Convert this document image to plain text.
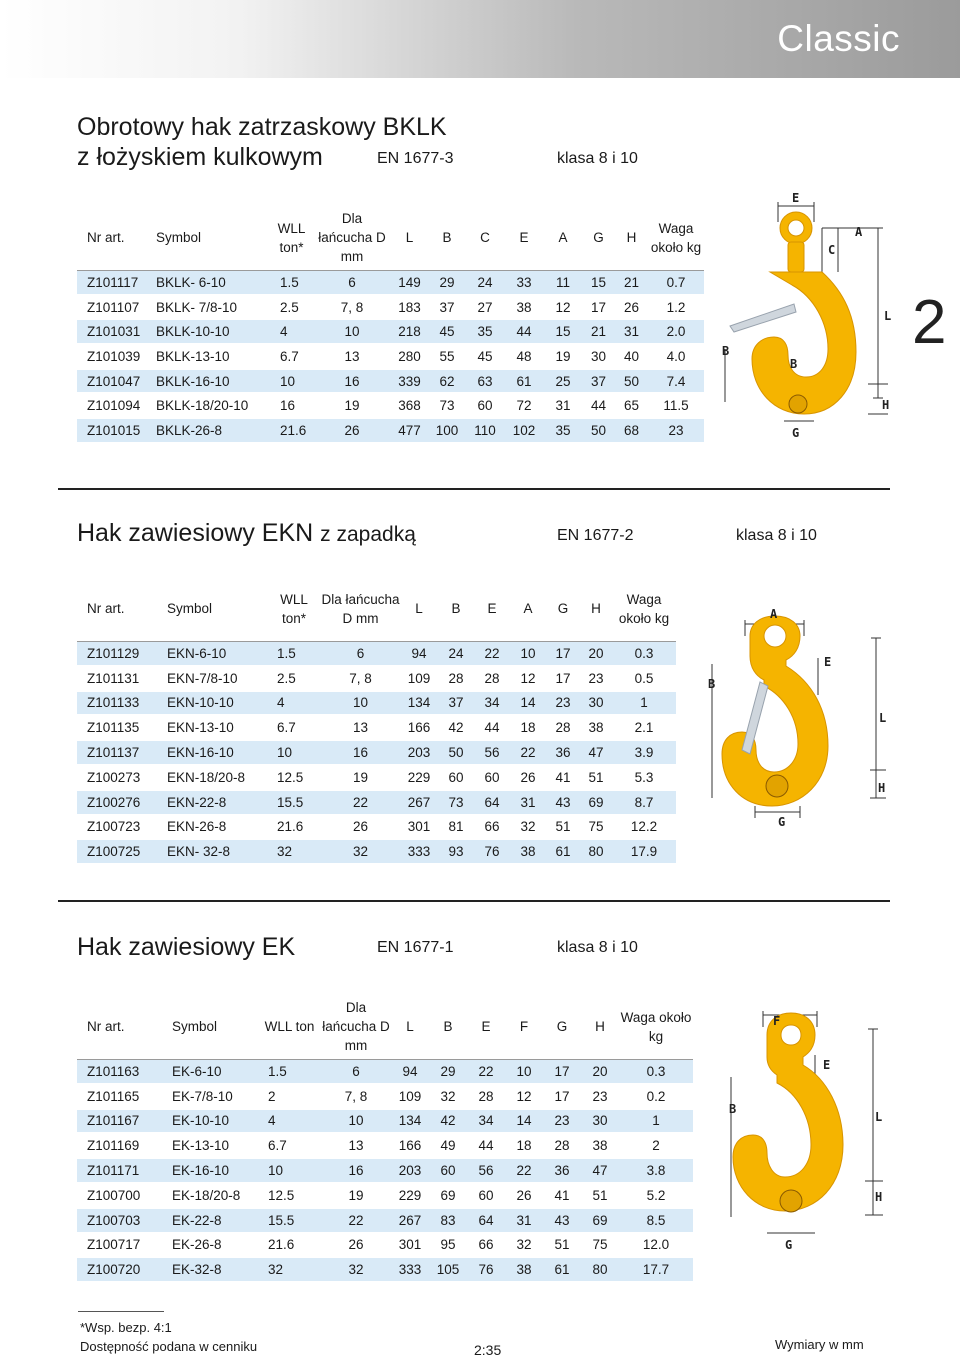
Classic
Obrotowy hak zatrzaskowy BKLK
z łożyskiem kulkowym	EN 1677-3	klasa 8 i 10
Nr art.	Symbol	WLL ton*	Dla łańcucha D mm	L	B	C	E	A	G	H	Waga około kg
Z101117	BKLK- 6-10	1.5	6	149	29	24	33	11	15	21	0.7
Z101107	BKLK- 7/8-10	2.5	7, 8	183	37	27	38	12	17	26	1.2
Z101031	BKLK-10-10	4	10	218	45	35	44	15	21	31	2.0
Z101039	BKLK-13-10	6.7	13	280	55	45	48	19	30	40	4.0
Z101047	BKLK-16-10	10	16	339	62	63	61	25	37	50	7.4
Z101094	BKLK-18/20-10	16	19	368	73	60	72	31	44	65	11.5
Z101015	BKLK-26-8	21.6	26	477	100	110	102	35	50	68	23
E
A
C
L
B
B
H
G
2
Hak zawiesiowy EKN z zapadką	EN 1677-2	klasa 8 i 10
Nr art.	Symbol	WLL ton*	Dla łańcucha D mm	L	B	E	A	G	H	Waga około kg
Z101129	EKN-6-10	1.5	6	94	24	22	10	17	20	0.3
Z101131	EKN-7/8-10	2.5	7, 8	109	28	28	12	17	23	0.5
Z101133	EKN-10-10	4	10	134	37	34	14	23	30	1
Z101135	EKN-13-10	6.7	13	166	42	44	18	28	38	2.1
Z101137	EKN-16-10	10	16	203	50	56	22	36	47	3.9
Z100273	EKN-18/20-8	12.5	19	229	60	60	26	41	51	5.3
Z100276	EKN-22-8	15.5	22	267	73	64	31	43	69	8.7
Z100723	EKN-26-8	21.6	26	301	81	66	32	51	75	12.2
Z100725	EKN- 32-8	32	32	333	93	76	38	61	80	17.9
A
E
B
L
H
G
Hak zawiesiowy EK	EN 1677-1	klasa 8 i 10
Nr art.	Symbol	WLL ton	Dla łańcucha D mm	L	B	E	F	G	H	Waga około kg
Z101163	EK-6-10	1.5	6	94	29	22	10	17	20	0.3
Z101165	EK-7/8-10	2	7, 8	109	32	28	12	17	23	0.2
Z101167	EK-10-10	4	10	134	42	34	14	23	30	1
Z101169	EK-13-10	6.7	13	166	49	44	18	28	38	2
Z101171	EK-16-10	10	16	203	60	56	22	36	47	3.8
Z100700	EK-18/20-8	12.5	19	229	69	60	26	41	51	5.2
Z100703	EK-22-8	15.5	22	267	83	64	31	43	69	8.5
Z100717	EK-26-8	21.6	26	301	95	66	32	51	75	12.0
Z100720	EK-32-8	32	32	333	105	76	38	61	80	17.7
F
E
B
L
H
G
*Wsp. bezp. 4:1
Dostępność podana w cenniku	2:35	Wymiary w mm
